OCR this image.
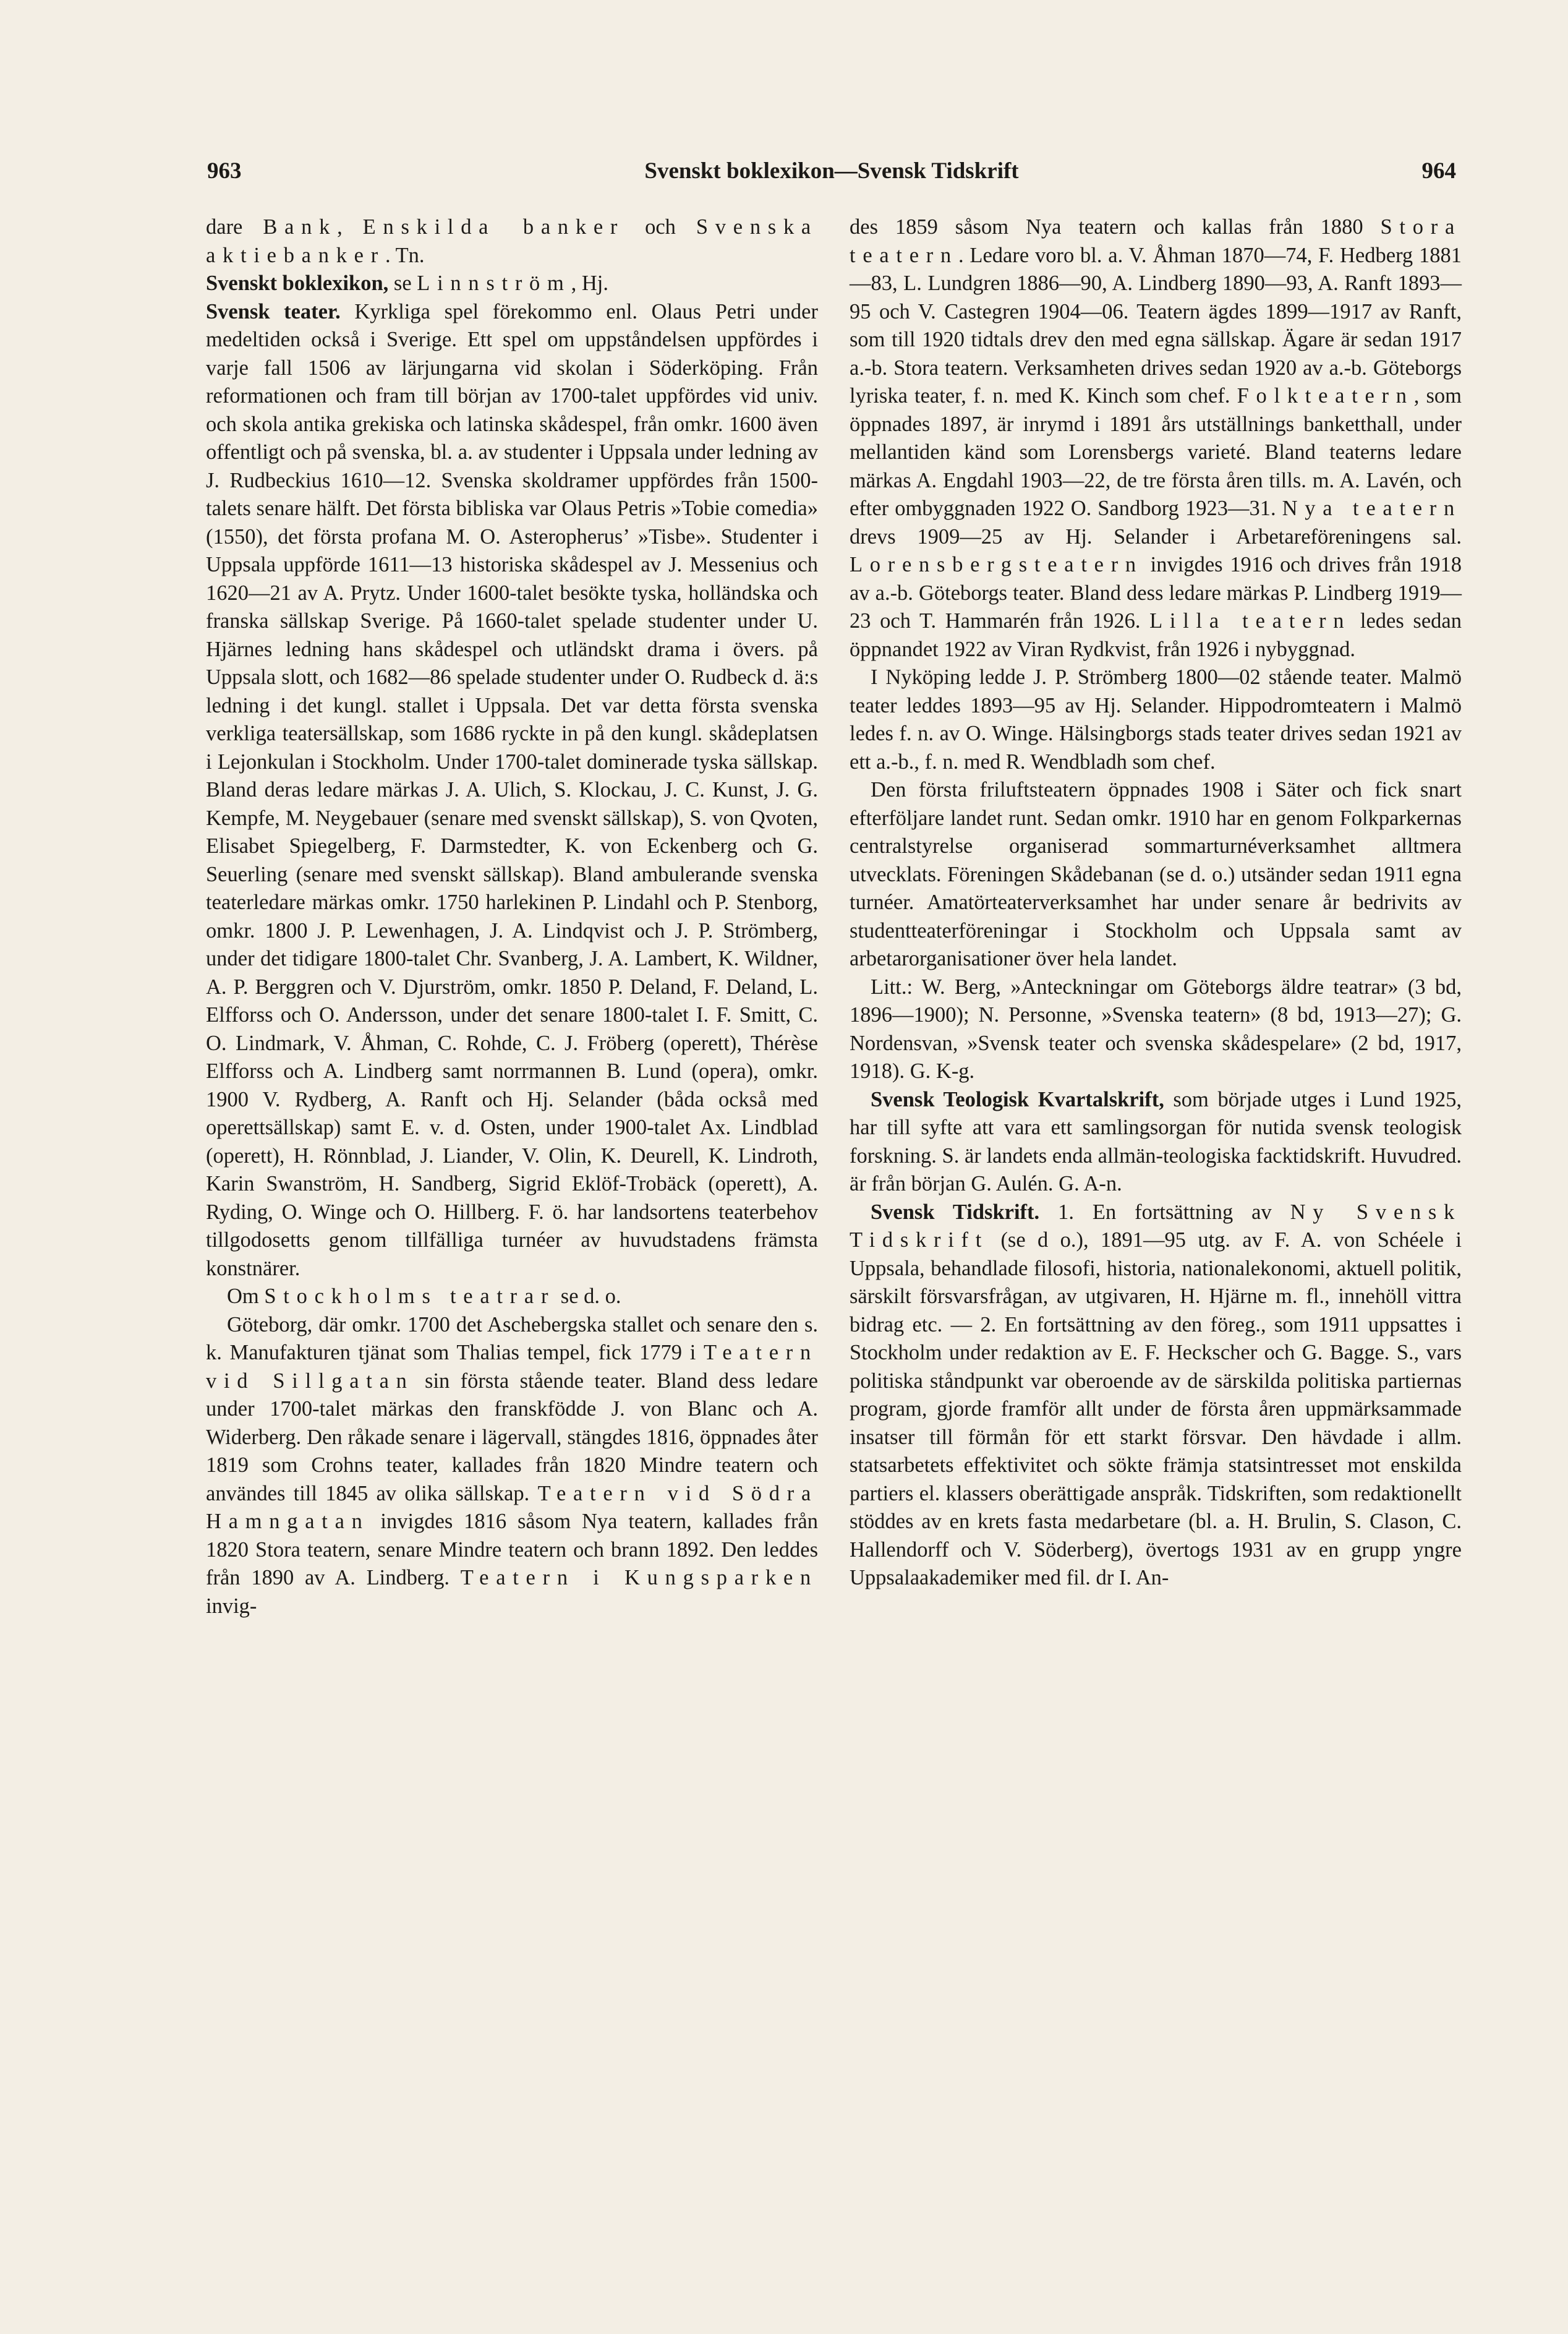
963	Svenskt boklexikon—Svensk Tidskrift	964

dare Bank, Enskilda banker och Svenska aktiebanker. Tn.

Svenskt boklexikon, se Linnström, Hj.

Svensk teater. Kyrkliga spel förekommo enl. Olaus Petri under medeltiden också i Sverige. Ett spel om uppståndelsen uppfördes i varje fall 1506 av lärjungarna vid skolan i Söderköping. Från reformationen och fram till början av 1700-talet uppfördes vid univ. och skola antika grekiska och latinska skådespel, från omkr. 1600 även offentligt och på svenska, bl. a. av studenter i Uppsala under ledning av J. Rudbeckius 1610—12. Svenska skoldramer uppfördes från 1500-talets senare hälft. Det första bibliska var Olaus Petris »Tobie comedia» (1550), det första profana M. O. Asteropherus’ »Tisbe». Studenter i Uppsala uppförde 1611—13 historiska skådespel av J. Messenius och 1620—21 av A. Prytz. Under 1600-talet besökte tyska, holländska och franska sällskap Sverige. På 1660-talet spelade studenter under U. Hjärnes ledning hans skådespel och utländskt drama i övers. på Uppsala slott, och 1682—86 spelade studenter under O. Rudbeck d. ä:s ledning i det kungl. stallet i Uppsala. Det var detta första svenska verkliga teatersällskap, som 1686 ryckte in på den kungl. skådeplatsen i Lejonkulan i Stockholm. Under 1700-talet dominerade tyska sällskap. Bland deras ledare märkas J. A. Ulich, S. Klockau, J. C. Kunst, J. G. Kempfe, M. Neygebauer (senare med svenskt sällskap), S. von Qvoten, Elisabet Spiegelberg, F. Darmstedter, K. von Eckenberg och G. Seuerling (senare med svenskt sällskap). Bland ambulerande svenska teaterledare märkas omkr. 1750 harlekinen P. Lindahl och P. Stenborg, omkr. 1800 J. P. Lewenhagen, J. A. Lindqvist och J. P. Strömberg, under det tidigare 1800-talet Chr. Svanberg, J. A. Lambert, K. Wildner, A. P. Berggren och V. Djurström, omkr. 1850 P. Deland, F. Deland, L. Elfforss och O. Andersson, under det senare 1800-talet I. F. Smitt, C. O. Lindmark, V. Åhman, C. Rohde, C. J. Fröberg (operett), Thérèse Elfforss och A. Lindberg samt norrmannen B. Lund (opera), omkr. 1900 V. Rydberg, A. Ranft och Hj. Selander (båda också med operettsällskap) samt E. v. d. Osten, under 1900-talet Ax. Lindblad (operett), H. Rönnblad, J. Liander, V. Olin, K. Deurell, K. Lindroth, Karin Swanström, H. Sandberg, Sigrid Eklöf-Trobäck (operett), A. Ryding, O. Winge och O. Hillberg. F. ö. har landsortens teaterbehov tillgodosetts genom tillfälliga turnéer av huvudstadens främsta konstnärer.

Om Stockholms teatrar se d. o.

Göteborg, där omkr. 1700 det Aschebergska stallet och senare den s. k. Manufakturen tjänat som Thalias tempel, fick 1779 i Teatern vid Sillgatan sin första stående teater. Bland dess ledare under 1700-talet märkas den franskfödde J. von Blanc och A. Widerberg. Den råkade senare i lägervall, stängdes 1816, öppnades åter 1819 som Crohns teater, kallades från 1820 Mindre teatern och användes till 1845 av olika sällskap. Teatern vid Södra Hamngatan invigdes 1816 såsom Nya teatern, kallades från 1820 Stora teatern, senare Mindre teatern och brann 1892. Den leddes från 1890 av A. Lindberg. Teatern i Kungsparken invig-

des 1859 såsom Nya teatern och kallas från 1880 Stora teatern. Ledare voro bl. a. V. Åhman 1870—74, F. Hedberg 1881—83, L. Lundgren 1886—90, A. Lindberg 1890—93, A. Ranft 1893—95 och V. Castegren 1904—06. Teatern ägdes 1899—1917 av Ranft, som till 1920 tidtals drev den med egna sällskap. Ägare är sedan 1917 a.-b. Stora teatern. Verksamheten drives sedan 1920 av a.-b. Göteborgs lyriska teater, f. n. med K. Kinch som chef. Folkteatern, som öppnades 1897, är inrymd i 1891 års utställnings banketthall, under mellantiden känd som Lorensbergs varieté. Bland teaterns ledare märkas A. Engdahl 1903—22, de tre första åren tills. m. A. Lavén, och efter ombyggnaden 1922 O. Sandborg 1923—31. Nya teatern drevs 1909—25 av Hj. Selander i Arbetareföreningens sal. Lorensbergsteatern invigdes 1916 och drives från 1918 av a.-b. Göteborgs teater. Bland dess ledare märkas P. Lindberg 1919—23 och T. Hammarén från 1926. Lilla teatern ledes sedan öppnandet 1922 av Viran Rydkvist, från 1926 i nybyggnad.

I Nyköping ledde J. P. Strömberg 1800—02 stående teater. Malmö teater leddes 1893—95 av Hj. Selander. Hippodromteatern i Malmö ledes f. n. av O. Winge. Hälsingborgs stads teater drives sedan 1921 av ett a.-b., f. n. med R. Wendbladh som chef.

Den första friluftsteatern öppnades 1908 i Säter och fick snart efterföljare landet runt. Sedan omkr. 1910 har en genom Folkparkernas centralstyrelse organiserad sommarturnéverksamhet alltmera utvecklats. Föreningen Skådebanan (se d. o.) utsänder sedan 1911 egna turnéer. Amatörteaterverksamhet har under senare år bedrivits av studentteaterföreningar i Stockholm och Uppsala samt av arbetarorganisationer över hela landet.

Litt.: W. Berg, »Anteckningar om Göteborgs äldre teatrar» (3 bd, 1896—1900); N. Personne, »Svenska teatern» (8 bd, 1913—27); G. Nordensvan, »Svensk teater och svenska skådespelare» (2 bd, 1917, 1918). G. K-g.

Svensk Teologisk Kvartalskrift, som började utges i Lund 1925, har till syfte att vara ett samlingsorgan för nutida svensk teologisk forskning. S. är landets enda allmän-teologiska facktidskrift. Huvudred. är från början G. Aulén. G. A-n.

Svensk Tidskrift. 1. En fortsättning av Ny Svensk Tidskrift (se d o.), 1891—95 utg. av F. A. von Schéele i Uppsala, behandlade filosofi, historia, nationalekonomi, aktuell politik, särskilt försvarsfrågan, av utgivaren, H. Hjärne m. fl., innehöll vittra bidrag etc. — 2. En fortsättning av den föreg., som 1911 uppsattes i Stockholm under redaktion av E. F. Heckscher och G. Bagge. S., vars politiska ståndpunkt var oberoende av de särskilda politiska partiernas program, gjorde framför allt under de första åren uppmärksammade insatser till förmån för ett starkt försvar. Den hävdade i allm. statsarbetets effektivitet och sökte främja statsintresset mot enskilda partiers el. klassers oberättigade anspråk. Tidskriften, som redaktionellt stöddes av en krets fasta medarbetare (bl. a. H. Brulin, S. Clason, C. Hallendorff och V. Söderberg), övertogs 1931 av en grupp yngre Uppsalaakademiker med fil. dr I. An-
